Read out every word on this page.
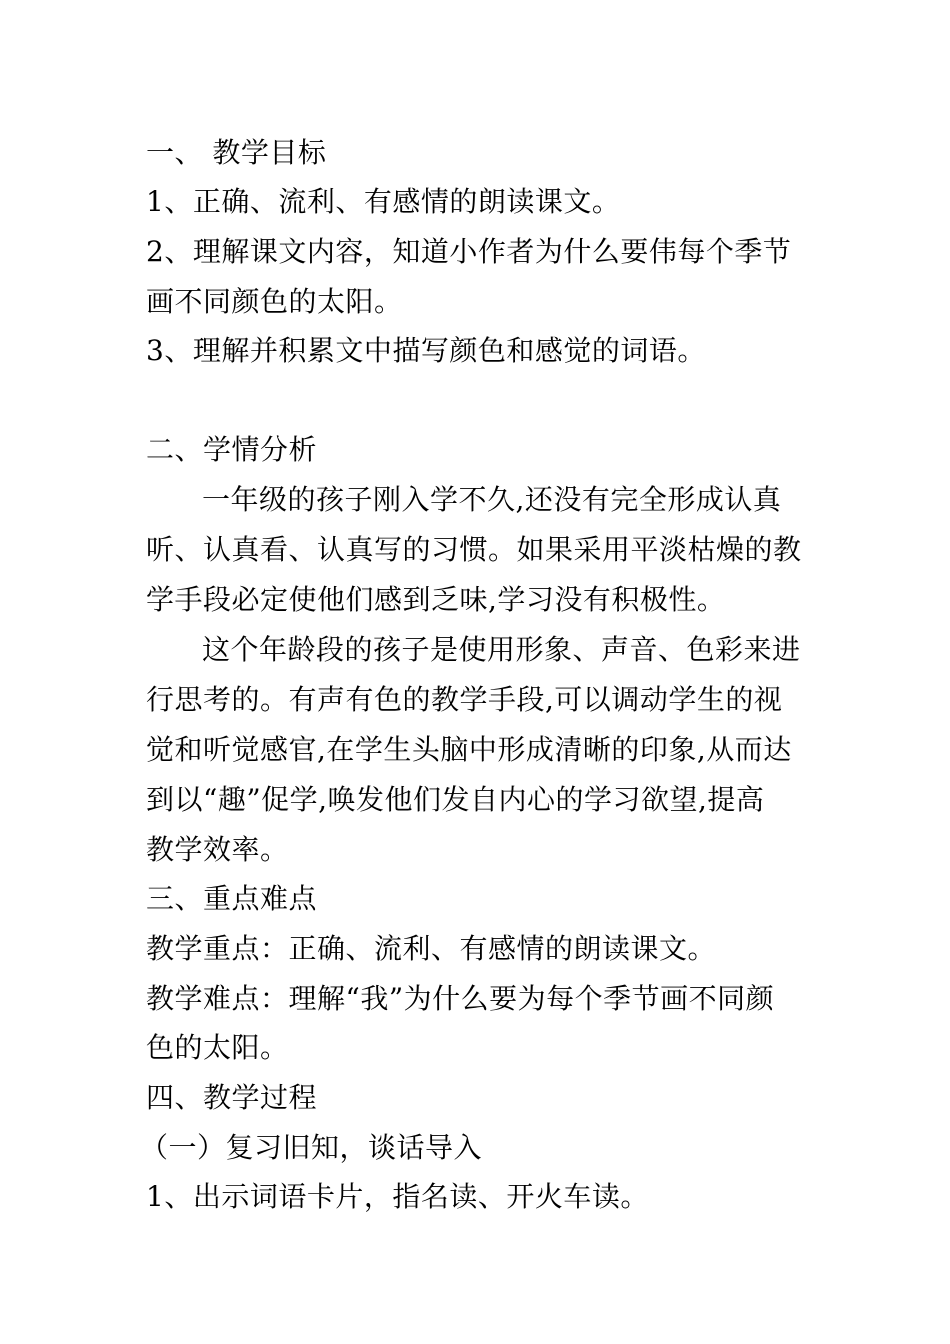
一、 教学目标
1、正确、流利、有感情的朗读课文。
2、理解课文内容，知道小作者为什么要伟每个季节
画不同颜色的太阳。
3、理解并积累文中描写颜色和感觉的词语。
二、学情分析
一年级的孩子刚入学不久,还没有完全形成认真
听、认真看、认真写的习惯。如果采用平淡枯燥的教
学手段必定使他们感到乏味,学习没有积极性。
这个年龄段的孩子是使用形象、声音、色彩来进
行思考的。有声有色的教学手段,可以调动学生的视
觉和听觉感官,在学生头脑中形成清晰的印象,从而达
到以“趣”促学,唤发他们发自内心的学习欲望,提高
教学效率。
三、重点难点
教学重点：正确、流利、有感情的朗读课文。
教学难点：理解“我”为什么要为每个季节画不同颜
色的太阳。
四、教学过程
（一）复习旧知，谈话导入
1、出示词语卡片，指名读、开火车读。
